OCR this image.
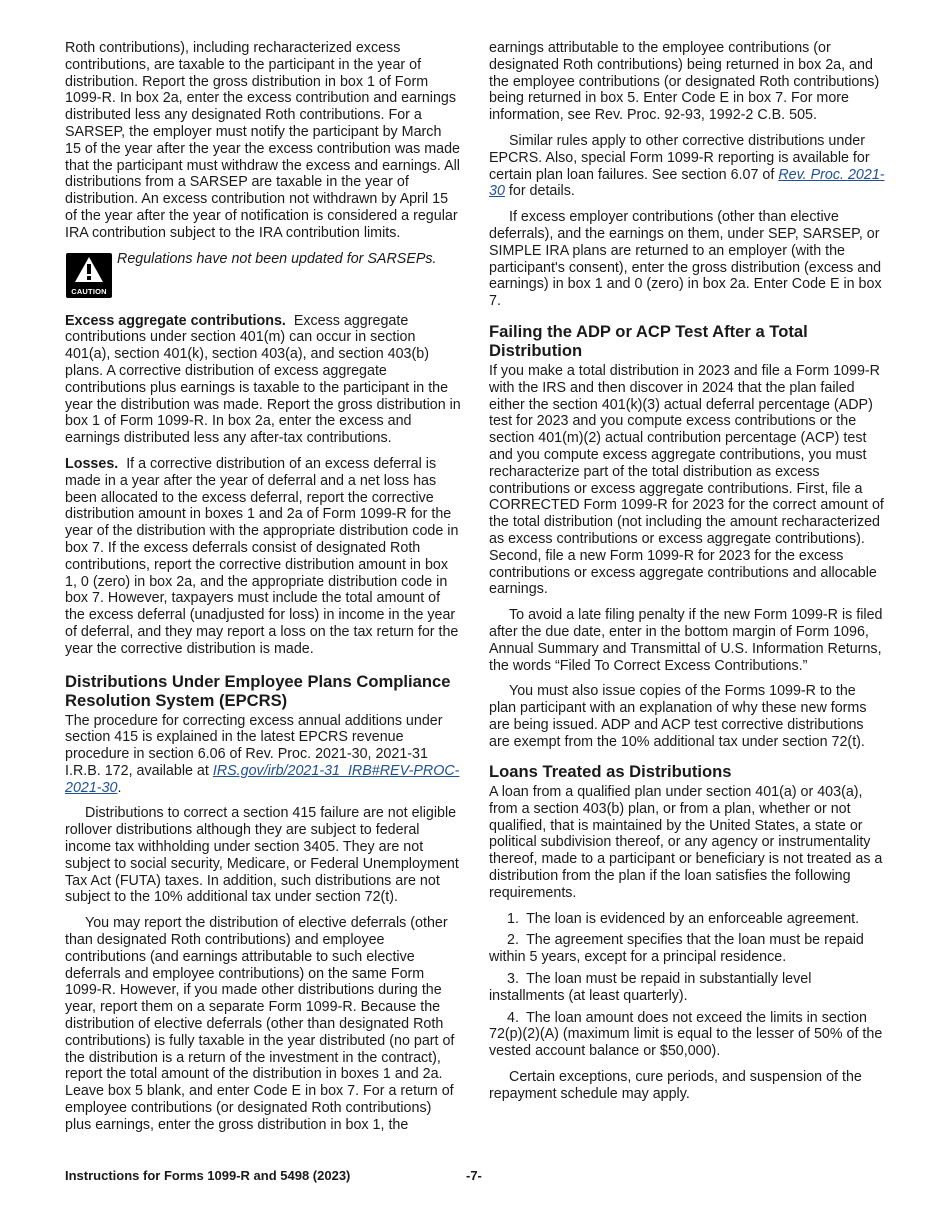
Roth contributions), including recharacterized excess contributions, are taxable to the participant in the year of distribution. Report the gross distribution in box 1 of Form 1099-R. In box 2a, enter the excess contribution and earnings distributed less any designated Roth contributions. For a SARSEP, the employer must notify the participant by March 15 of the year after the year the excess contribution was made that the participant must withdraw the excess and earnings. All distributions from a SARSEP are taxable in the year of distribution. An excess contribution not withdrawn by April 15 of the year after the year of notification is considered a regular IRA contribution subject to the IRA contribution limits.

CAUTION
Regulations have not been updated for SARSEPs.

Excess aggregate contributions. Excess aggregate contributions under section 401(m) can occur in section 401(a), section 401(k), section 403(a), and section 403(b) plans. A corrective distribution of excess aggregate contributions plus earnings is taxable to the participant in the year the distribution was made. Report the gross distribution in box 1 of Form 1099-R. In box 2a, enter the excess and earnings distributed less any after-tax contributions.

Losses. If a corrective distribution of an excess deferral is made in a year after the year of deferral and a net loss has been allocated to the excess deferral, report the corrective distribution amount in boxes 1 and 2a of Form 1099-R for the year of the distribution with the appropriate distribution code in box 7. If the excess deferrals consist of designated Roth contributions, report the corrective distribution amount in box 1, 0 (zero) in box 2a, and the appropriate distribution code in box 7. However, taxpayers must include the total amount of the excess deferral (unadjusted for loss) in income in the year of deferral, and they may report a loss on the tax return for the year the corrective distribution is made.

Distributions Under Employee Plans Compliance Resolution System (EPCRS)

The procedure for correcting excess annual additions under section 415 is explained in the latest EPCRS revenue procedure in section 6.06 of Rev. Proc. 2021-30, 2021-31 I.R.B. 172, available at IRS.gov/irb/2021-31_IRB#REV-PROC-2021-30.

Distributions to correct a section 415 failure are not eligible rollover distributions although they are subject to federal income tax withholding under section 3405. They are not subject to social security, Medicare, or Federal Unemployment Tax Act (FUTA) taxes. In addition, such distributions are not subject to the 10% additional tax under section 72(t).

You may report the distribution of elective deferrals (other than designated Roth contributions) and employee contributions (and earnings attributable to such elective deferrals and employee contributions) on the same Form 1099-R. However, if you made other distributions during the year, report them on a separate Form 1099-R. Because the distribution of elective deferrals (other than designated Roth contributions) is fully taxable in the year distributed (no part of the distribution is a return of the investment in the contract), report the total amount of the distribution in boxes 1 and 2a. Leave box 5 blank, and enter Code E in box 7. For a return of employee contributions (or designated Roth contributions) plus earnings, enter the gross distribution in box 1, the

earnings attributable to the employee contributions (or designated Roth contributions) being returned in box 2a, and the employee contributions (or designated Roth contributions) being returned in box 5. Enter Code E in box 7. For more information, see Rev. Proc. 92-93, 1992-2 C.B. 505.

Similar rules apply to other corrective distributions under EPCRS. Also, special Form 1099-R reporting is available for certain plan loan failures. See section 6.07 of Rev. Proc. 2021-30 for details.

If excess employer contributions (other than elective deferrals), and the earnings on them, under SEP, SARSEP, or SIMPLE IRA plans are returned to an employer (with the participant's consent), enter the gross distribution (excess and earnings) in box 1 and 0 (zero) in box 2a. Enter Code E in box 7.

Failing the ADP or ACP Test After a Total Distribution

If you make a total distribution in 2023 and file a Form 1099-R with the IRS and then discover in 2024 that the plan failed either the section 401(k)(3) actual deferral percentage (ADP) test for 2023 and you compute excess contributions or the section 401(m)(2) actual contribution percentage (ACP) test and you compute excess aggregate contributions, you must recharacterize part of the total distribution as excess contributions or excess aggregate contributions. First, file a CORRECTED Form 1099-R for 2023 for the correct amount of the total distribution (not including the amount recharacterized as excess contributions or excess aggregate contributions). Second, file a new Form 1099-R for 2023 for the excess contributions or excess aggregate contributions and allocable earnings.

To avoid a late filing penalty if the new Form 1099-R is filed after the due date, enter in the bottom margin of Form 1096, Annual Summary and Transmittal of U.S. Information Returns, the words “Filed To Correct Excess Contributions.”

You must also issue copies of the Forms 1099-R to the plan participant with an explanation of why these new forms are being issued. ADP and ACP test corrective distributions are exempt from the 10% additional tax under section 72(t).

Loans Treated as Distributions

A loan from a qualified plan under section 401(a) or 403(a), from a section 403(b) plan, or from a plan, whether or not qualified, that is maintained by the United States, a state or political subdivision thereof, or any agency or instrumentality thereof, made to a participant or beneficiary is not treated as a distribution from the plan if the loan satisfies the following requirements.

1. The loan is evidenced by an enforceable agreement.
2. The agreement specifies that the loan must be repaid within 5 years, except for a principal residence.
3. The loan must be repaid in substantially level installments (at least quarterly).
4. The loan amount does not exceed the limits in section 72(p)(2)(A) (maximum limit is equal to the lesser of 50% of the vested account balance or $50,000).

Certain exceptions, cure periods, and suspension of the repayment schedule may apply.

Instructions for Forms 1099-R and 5498 (2023)	-7-
